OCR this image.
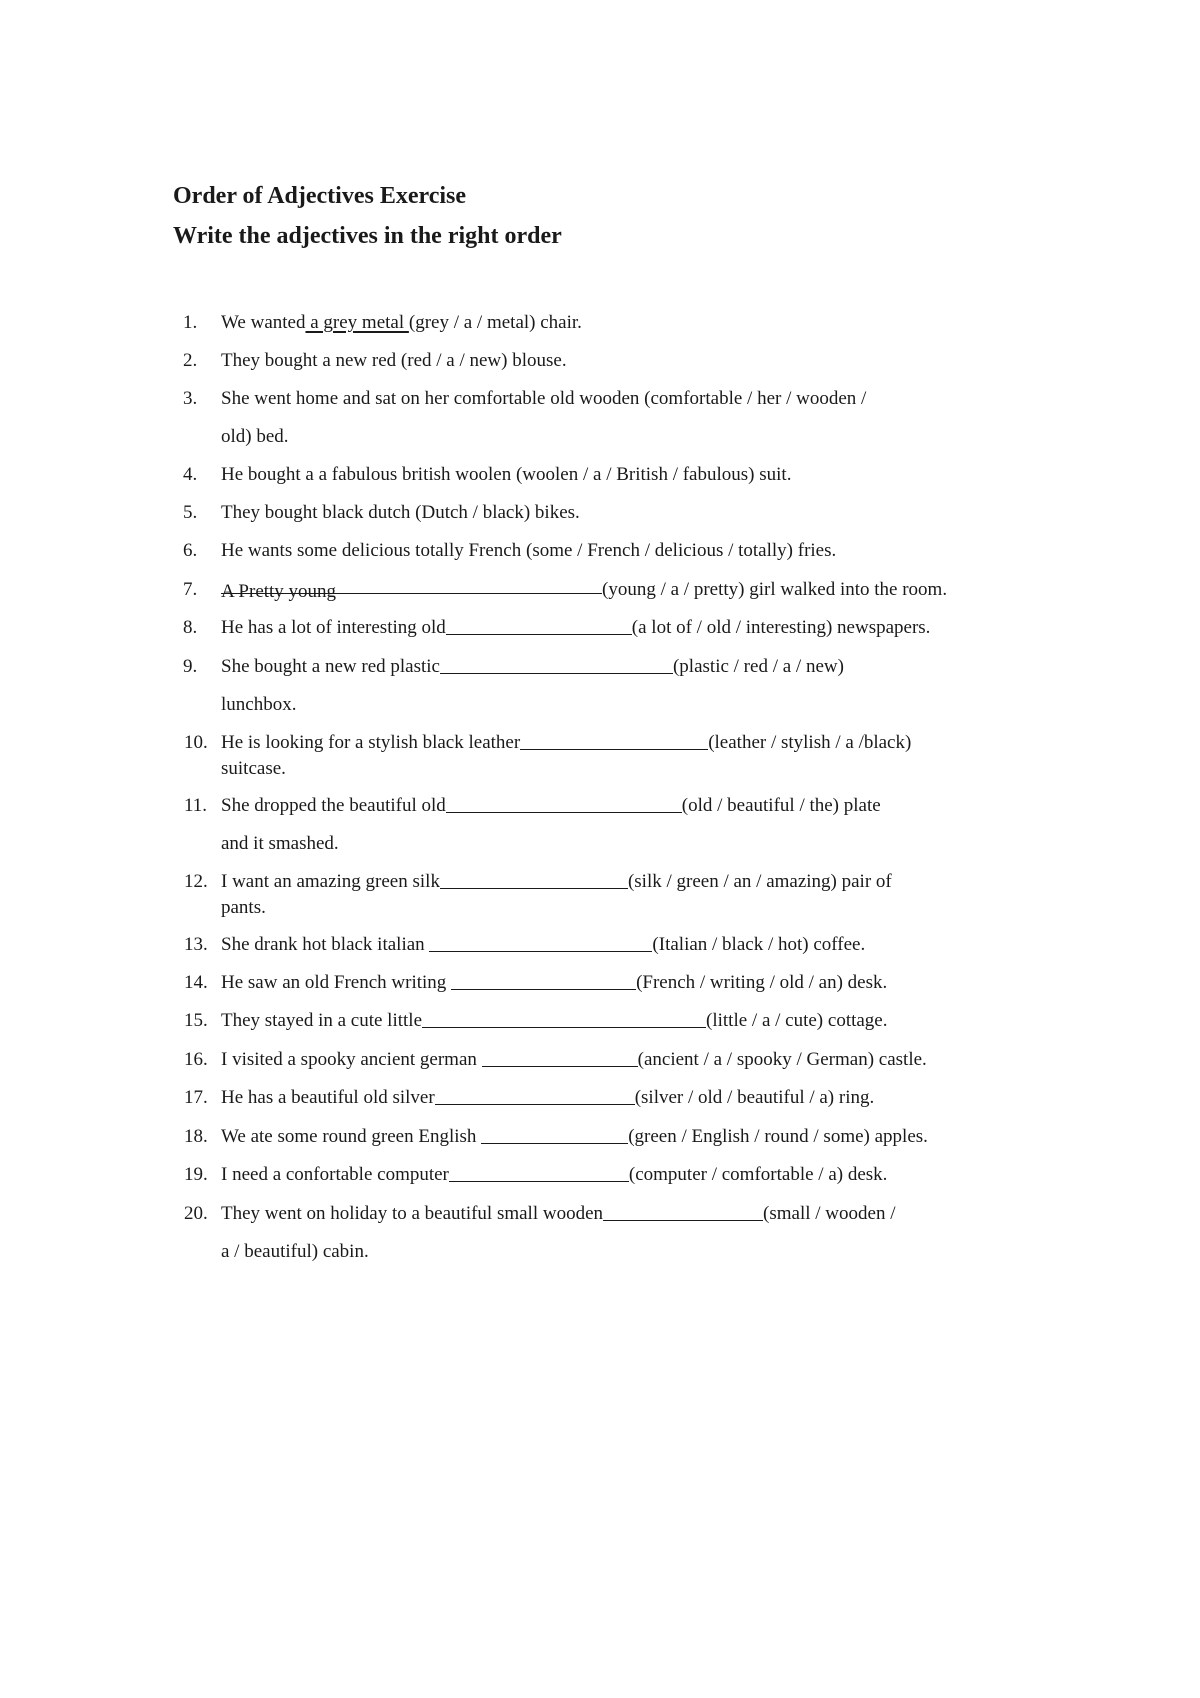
Order of Adjectives Exercise
Write the adjectives in the right order
1.	We wanted a grey metal (grey / a / metal) chair.
2.	They bought a new red (red / a / new) blouse.
3.	She went home and sat on her comfortable old wooden (comfortable / her / wooden /
old) bed.
4.	He bought a a fabulous british woolen (woolen / a / British / fabulous) suit.
5.	They bought black dutch (Dutch / black) bikes.
6.	He wants some delicious totally French (some / French / delicious / totally) fries.
7.	A Pretty young	(young / a / pretty) girl walked into the room.
8.	He has a lot of interesting old	(a lot of / old / interesting) newspapers.
9.	She bought a new red plastic	(plastic / red / a / new)
lunchbox.
10. He is looking for a stylish black leather	(leather / stylish / a /black)
suitcase.
11. She dropped the beautiful old	(old / beautiful / the) plate
and it smashed.
12. I want an amazing green silk	(silk / green / an / amazing) pair of
pants.
13. She drank hot black italian	(Italian / black / hot) coffee.
14. He saw an old French writing	(French / writing / old / an) desk.
15. They stayed in a cute little	(little / a / cute) cottage.
16. I visited a spooky ancient german	(ancient / a / spooky / German) castle.
17. He has a beautiful old silver	(silver / old / beautiful / a) ring.
18. We ate some round green English	(green / English / round / some) apples.
19. I need a confortable computer	(computer / comfortable / a) desk.
20. They went on holiday to a beautiful small wooden	(small / wooden /
a / beautiful) cabin.
